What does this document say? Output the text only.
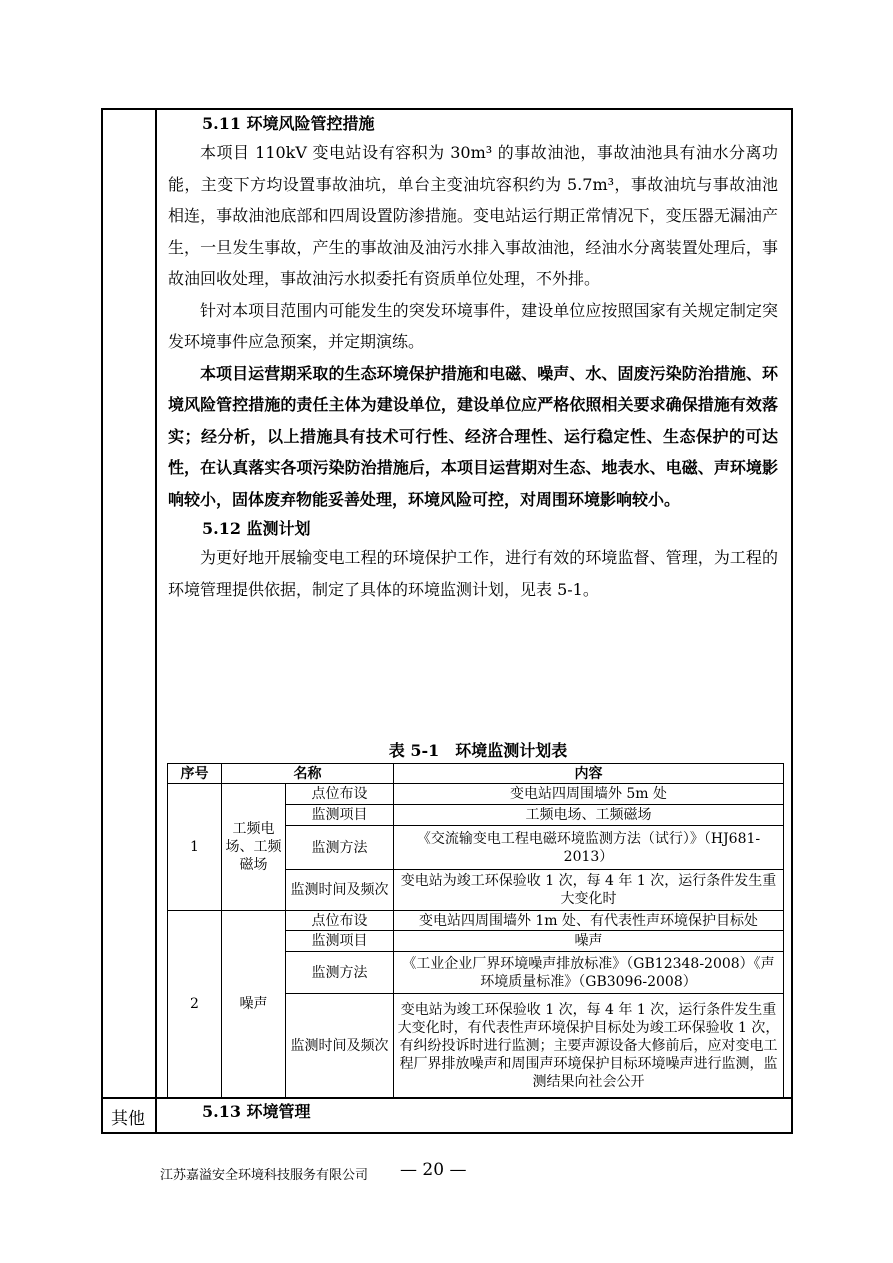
5.11 环境风险管控措施

本项目 110kV 变电站设有容积为 30m³ 的事故油池，事故油池具有油水分离功能，主变下方均设置事故油坑，单台主变油坑容积约为 5.7m³，事故油坑与事故油池相连，事故油池底部和四周设置防渗措施。变电站运行期正常情况下，变压器无漏油产生，一旦发生事故，产生的事故油及油污水排入事故油池，经油水分离装置处理后，事故油回收处理，事故油污水拟委托有资质单位处理，不外排。

针对本项目范围内可能发生的突发环境事件，建设单位应按照国家有关规定制定突发环境事件应急预案，并定期演练。

本项目运营期采取的生态环境保护措施和电磁、噪声、水、固废污染防治措施、环境风险管控措施的责任主体为建设单位，建设单位应严格依照相关要求确保措施有效落实；经分析，以上措施具有技术可行性、经济合理性、运行稳定性、生态保护的可达性，在认真落实各项污染防治措施后，本项目运营期对生态、地表水、电磁、声环境影响较小，固体废弃物能妥善处理，环境风险可控，对周围环境影响较小。

5.12 监测计划

为更好地开展输变电工程的环境保护工作，进行有效的环境监督、管理，为工程的环境管理提供依据，制定了具体的环境监测计划，见表 5-1。

表 5-1　环境监测计划表
序号	名称		内容
1	工频电场、工频磁场	点位布设	变电站四周围墙外 5m 处
		监测项目	工频电场、工频磁场
		监测方法	《交流输变电工程电磁环境监测方法（试行）》（HJ681-2013）
		监测时间及频次	变电站为竣工环保验收 1 次，每 4 年 1 次，运行条件发生重大变化时
2	噪声	点位布设	变电站四周围墙外 1m 处、有代表性声环境保护目标处
		监测项目	噪声
		监测方法	《工业企业厂界环境噪声排放标准》（GB12348-2008）《声环境质量标准》（GB3096-2008）
		监测时间及频次	变电站为竣工环保验收 1 次，每 4 年 1 次，运行条件发生重大变化时，有代表性声环境保护目标处为竣工环保验收 1 次，有纠纷投诉时进行监测；主要声源设备大修前后，应对变电工程厂界排放噪声和周围声环境保护目标环境噪声进行监测，监测结果向社会公开
其他	5.13 环境管理
江苏嘉溢安全环境科技服务有限公司 — 20 —
